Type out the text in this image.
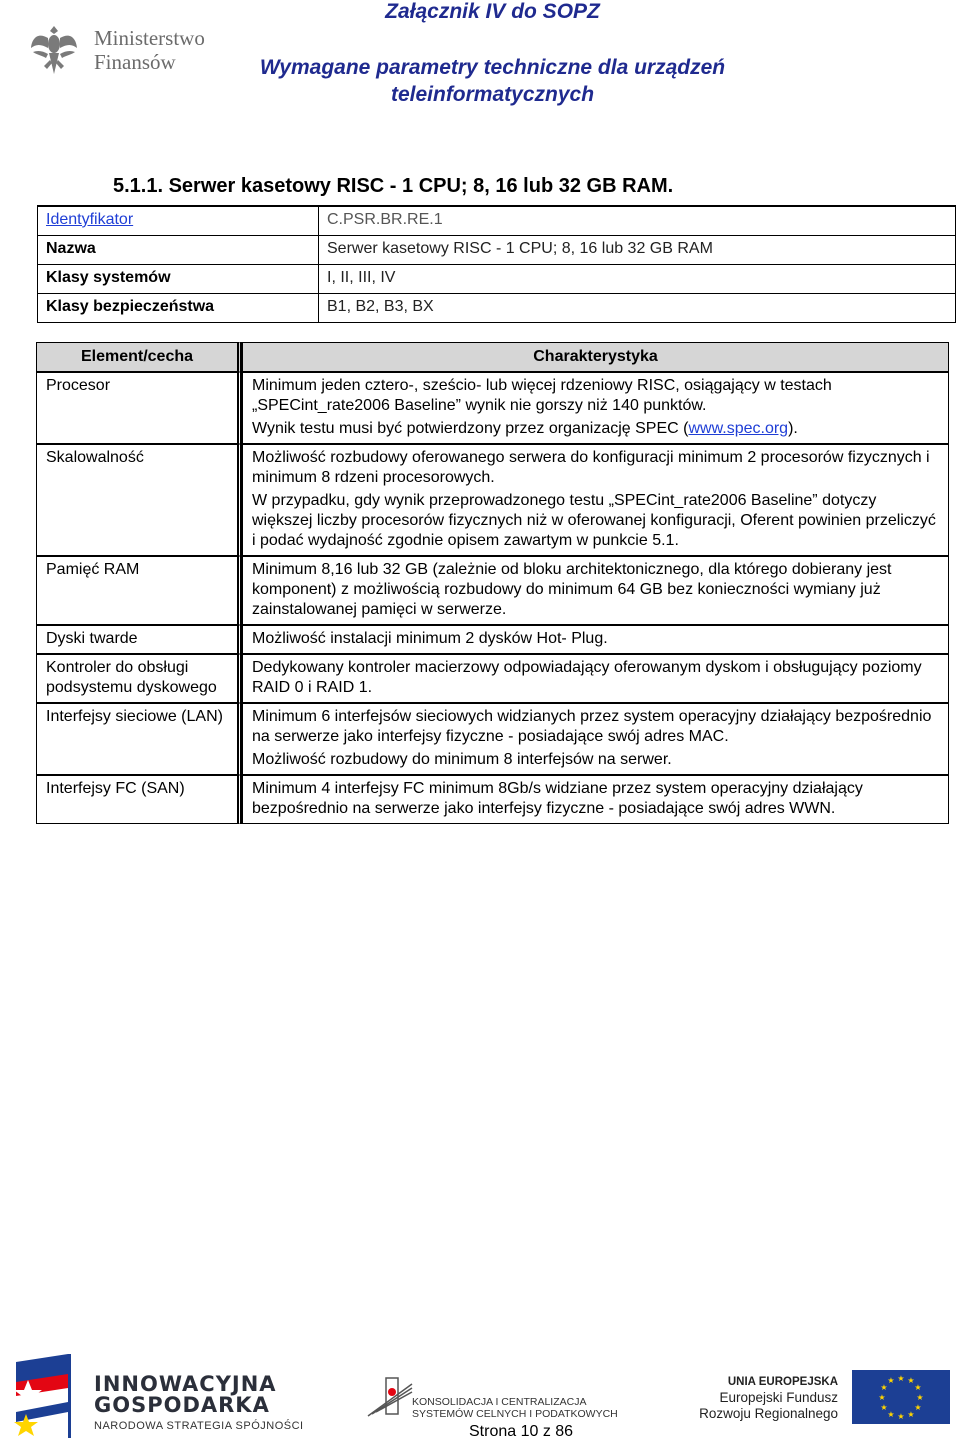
Ministerstwo
Finansów
Załącznik IV do SOPZ
Wymagane parametry techniczne dla urządzeń
teleinformatycznych
5.1.1. Serwer kasetowy RISC - 1 CPU; 8, 16 lub 32 GB RAM.
Identyfikator	C.PSR.BR.RE.1
Nazwa	Serwer kasetowy RISC - 1 CPU; 8, 16 lub 32 GB RAM
Klasy systemów	I, II, III, IV
Klasy bezpieczeństwa	B1, B2, B3, BX
Element/cecha	Charakterystyka
Procesor	Minimum jeden cztero-, sześcio- lub więcej rdzeniowy RISC, osiągający w testach „SPECint_rate2006 Baseline” wynik nie gorszy niż 140 punktów.

Wynik testu musi być potwierdzony przez organizację SPEC (www.spec.org).

Skalowalność	Możliwość rozbudowy oferowanego serwera do konfiguracji minimum 2 procesorów fizycznych i minimum 8 rdzeni procesorowych.

W przypadku, gdy wynik przeprowadzonego testu „SPECint_rate2006 Baseline” dotyczy większej liczby procesorów fizycznych niż w oferowanej konfiguracji, Oferent powinien przeliczyć i podać wydajność zgodnie opisem zawartym w punkcie 5.1.

Pamięć RAM	Minimum 8,16 lub 32 GB (zależnie od bloku architektonicznego, dla którego dobierany jest komponent) z możliwością rozbudowy do minimum 64 GB bez konieczności wymiany już zainstalowanej pamięci w serwerze.

Dyski twarde	Możliwość instalacji minimum 2 dysków Hot- Plug.

Kontroler do obsługi podsystemu dyskowego	Dedykowany kontroler macierzowy odpowiadający oferowanym dyskom i obsługujący poziomy RAID 0 i RAID 1.

Interfejsy sieciowe (LAN)	Minimum 6 interfejsów sieciowych widzianych przez system operacyjny działający bezpośrednio na serwerze jako interfejsy fizyczne - posiadające swój adres MAC.

Możliwość rozbudowy do minimum 8 interfejsów na serwer.

Interfejsy FC (SAN)	Minimum 4 interfejsy FC minimum 8Gb/s widziane przez system operacyjny działający bezpośrednio na serwerze jako interfejsy fizyczne - posiadające swój adres WWN.

INNOWACYJNA
GOSPODARKA
NARODOWA STRATEGIA SPÓJNOŚCI
KONSOLIDACJA I CENTRALIZACJA
SYSTEMÓW CELNYCH I PODATKOWYCH
UNIA EUROPEJSKA
Europejski Fundusz
Rozwoju Regionalnego
★ ★
★
★
★
★
★
★
★
★
★
★
Strona 10 z 86
